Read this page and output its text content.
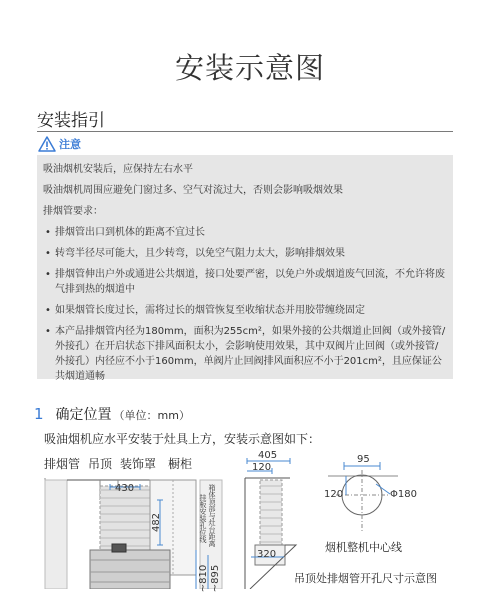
安装示意图
安装指引
注意
吸油烟机安装后，应保持左右水平
吸油烟机周围应避免门窗过多、空气对流过大，否则会影响吸烟效果
排烟管要求：
• 排烟管出口到机体的距离不宜过长
• 转弯半径尽可能大，且少转弯，以免空气阻力太大，影响排烟效果
• 排烟管伸出户外或通进公共烟道，接口处要严密，以免户外或烟道废气回流，不允许将废气排到热的烟道中
• 如果烟管长度过长，需将过长的烟管恢复至收缩状态并用胶带缠绕固定
• 本产品排烟管内径为180mm，面积为255cm²，如果外接的公共烟道止回阀（或外接管/外接孔）在开启状态下排风面积太小，会影响使用效果，其中双阀片止回阀（或外接管/外接孔）内径应不小于160mm，单阀片止回阀排风面积应不小于201cm²，且应保证公共烟道通畅
1 确定位置 （单位：mm）
吸油烟机应水平安装于灶具上方，安装示意图如下：
排烟管 吊顶 装饰罩 橱柜
430
482
~810 ~895
挂板安装孔位线 箱体顶部与灶台距离
405
120
320
95
120	Φ180
烟机整机中心线
吊顶处排烟管开孔尺寸示意图
